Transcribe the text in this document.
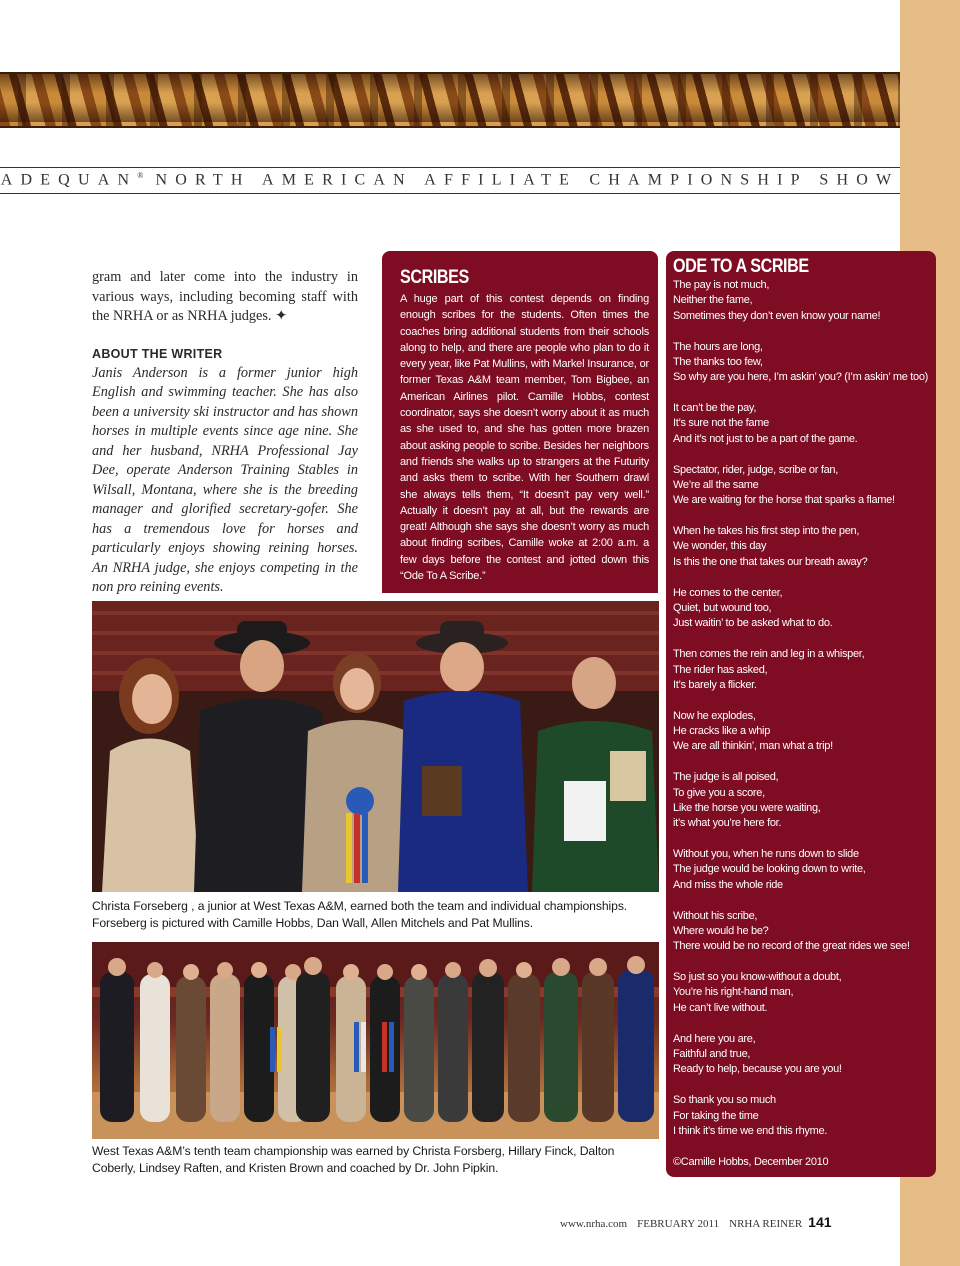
ADEQUAN® NORTH AMERICAN AFFILIATE CHAMPIONSHIP SHOW

gram and later come into the industry in various ways, including becoming staff with the NRHA or as NRHA judges. ✦

ABOUT THE WRITER

Janis Anderson is a former junior high English and swimming teacher. She has also been a university ski instructor and has shown horses in multiple events since age nine. She and her husband, NRHA Professional Jay Dee, operate Anderson Training Stables in Wilsall, Montana, where she is the breeding manager and glorified secretary-gofer. She has a tremendous love for horses and particularly enjoys showing reining horses. An NRHA judge, she enjoys competing in the non pro reining events.

SCRIBES

A huge part of this contest depends on finding enough scribes for the students. Often times the coaches bring additional students from their schools along to help, and there are people who plan to do it every year, like Pat Mullins, with Markel Insurance, or former Texas A&M team member, Tom Bigbee, an American Airlines pilot. Camille Hobbs, contest coordinator, says she doesn’t worry about it as much as she used to, and she has gotten more brazen about asking people to scribe. Besides her neighbors and friends she walks up to strangers at the Futurity and asks them to scribe. With her Southern drawl she always tells them, “It doesn’t pay very well.” Actually it doesn’t pay at all, but the rewards are great! Although she says she doesn’t worry as much about finding scribes, Camille woke at 2:00 a.m. a few days before the contest and jotted down this “Ode To A Scribe.”

ODE TO A SCRIBE
The pay is not much,
Neither the fame,
Sometimes they don’t even know your name!
The hours are long,
The thanks too few,
So why are you here, I’m askin’ you? (I’m askin’ me too)
It can’t be the pay,
It’s sure not the fame
And it’s not just to be a part of the game.
Spectator, rider, judge, scribe or fan,
We’re all the same
We are waiting for the horse that sparks a flame!
When he takes his first step into the pen,
We wonder, this day
Is this the one that takes our breath away?
He comes to the center,
Quiet, but wound too,
Just waitin’ to be asked what to do.
Then comes the rein and leg in a whisper,
The rider has asked,
It’s barely a flicker.
Now he explodes,
He cracks like a whip
We are all thinkin’, man what a trip!
The judge is all poised,
To give you a score,
Like the horse you were waiting,
it’s what you’re here for.
Without you, when he runs down to slide
The judge would be looking down to write,
And miss the whole ride
Without his scribe,
Where would he be?
There would be no record of the great rides we see!
So just so you know-without a doubt,
You’re his right-hand man,
He can’t live without.
And here you are,
Faithful and true,
Ready to help, because you are you!
So thank you so much
For taking the time
I think it’s time we end this rhyme.
©Camille Hobbs, December 2010
Christa Forseberg , a junior at West Texas A&M, earned both the team and individual championships. Forseberg is pictured with Camille Hobbs, Dan Wall, Allen Mitchels and Pat Mullins.
West Texas A&M’s tenth team championship was earned by Christa Forsberg, Hillary Finck, Dalton Coberly, Lindsey Raften, and Kristen Brown and coached by Dr. John Pipkin.
www.nrha.com FEBRUARY 2011 NRHA REINER 141
